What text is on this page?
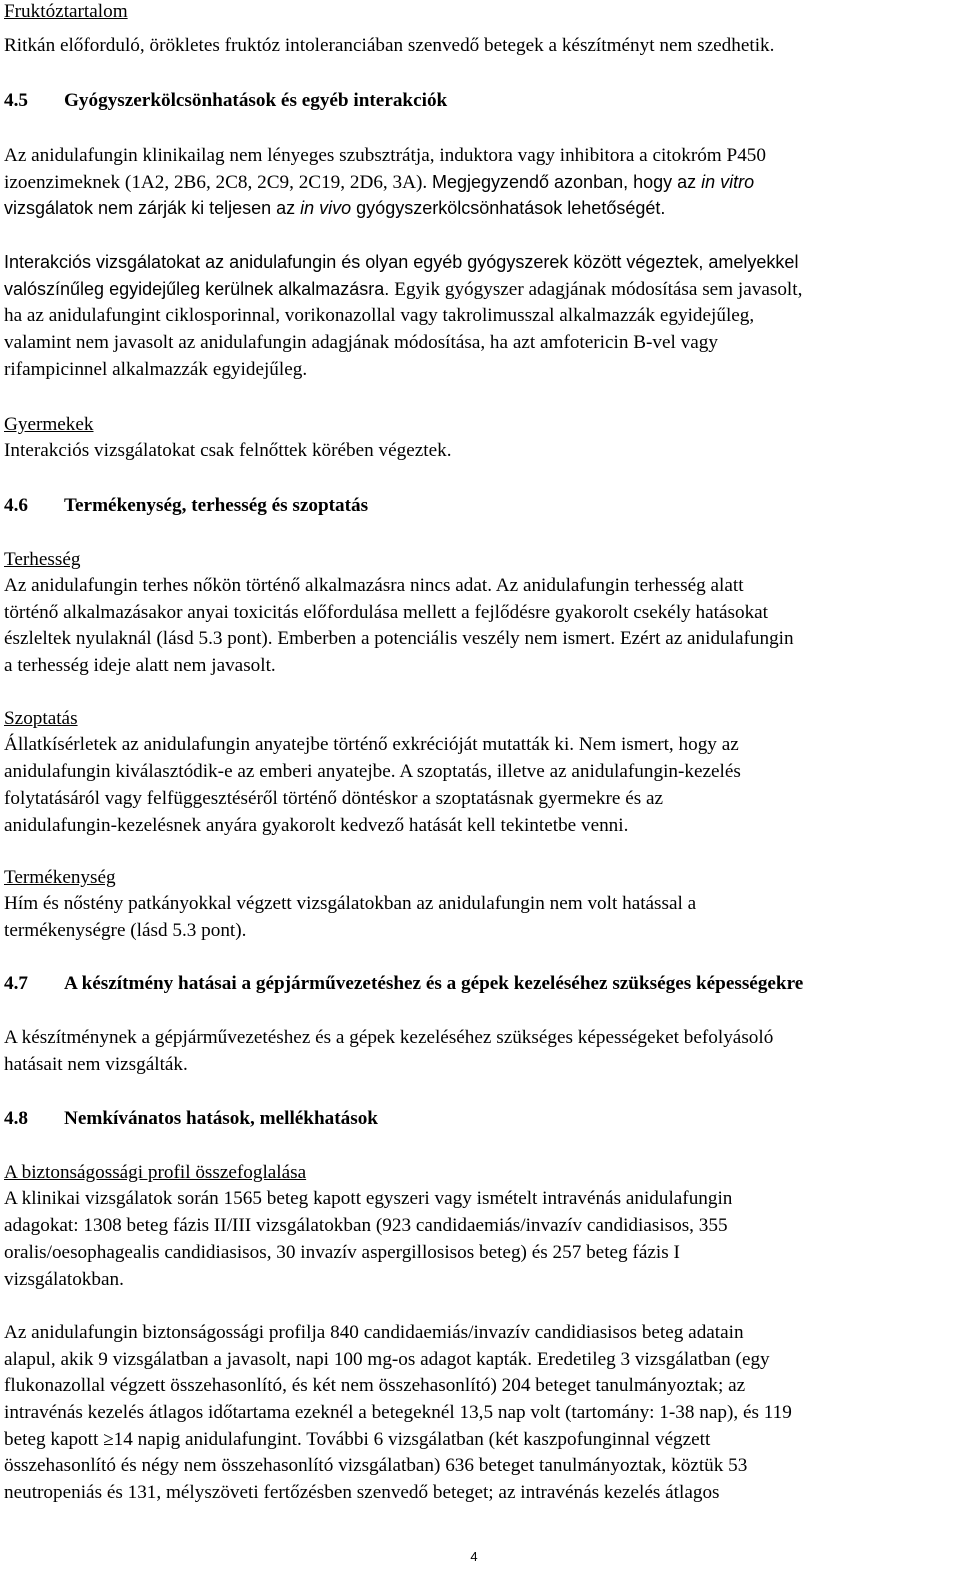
Fruktóztartalom

Ritkán előforduló, örökletes fruktóz intoleranciában szenvedő betegek a készítményt nem szedhetik.

4.5 Gyógyszerkölcsönhatások és egyéb interakciók

Az anidulafungin klinikailag nem lényeges szubsztrátja, induktora vagy inhibitora a citokróm P450

izoenzimeknek (1A2, 2B6, 2C8, 2C9, 2C19, 2D6, 3A). Megjegyzendő azonban, hogy az in vitro

vizsgálatok nem zárják ki teljesen az in vivo gyógyszerkölcsönhatások lehetőségét.

Interakciós vizsgálatokat az anidulafungin és olyan egyéb gyógyszerek között végeztek, amelyekkel

valószínűleg egyidejűleg kerülnek alkalmazásra. Egyik gyógyszer adagjának módosítása sem javasolt,

ha az anidulafungint ciklosporinnal, vorikonazollal vagy takrolimusszal alkalmazzák egyidejűleg,

valamint nem javasolt az anidulafungin adagjának módosítása, ha azt amfotericin B-vel vagy

rifampicinnel alkalmazzák egyidejűleg.

Gyermekek

Interakciós vizsgálatokat csak felnőttek körében végeztek.

4.6 Termékenység, terhesség és szoptatás

Terhesség

Az anidulafungin terhes nőkön történő alkalmazásra nincs adat. Az anidulafungin terhesség alatt

történő alkalmazásakor anyai toxicitás előfordulása mellett a fejlődésre gyakorolt csekély hatásokat

észleltek nyulaknál (lásd 5.3 pont). Emberben a potenciális veszély nem ismert. Ezért az anidulafungin

a terhesség ideje alatt nem javasolt.

Szoptatás

Állatkísérletek az anidulafungin anyatejbe történő exkrécióját mutatták ki. Nem ismert, hogy az

anidulafungin kiválasztódik-e az emberi anyatejbe. A szoptatás, illetve az anidulafungin-kezelés

folytatásáról vagy felfüggesztéséről történő döntéskor a szoptatásnak gyermekre és az

anidulafungin-kezelésnek anyára gyakorolt kedvező hatását kell tekintetbe venni.

Termékenység

Hím és nőstény patkányokkal végzett vizsgálatokban az anidulafungin nem volt hatással a

termékenységre (lásd 5.3 pont).

4.7 A készítmény hatásai a gépjárművezetéshez és a gépek kezeléséhez szükséges képességekre

A készítménynek a gépjárművezetéshez és a gépek kezeléséhez szükséges képességeket befolyásoló

hatásait nem vizsgálták.

4.8 Nemkívánatos hatások, mellékhatások

A biztonságossági profil összefoglalása

A klinikai vizsgálatok során 1565 beteg kapott egyszeri vagy ismételt intravénás anidulafungin

adagokat: 1308 beteg fázis II/III vizsgálatokban (923 candidaemiás/invazív candidiasisos, 355

oralis/oesophagealis candidiasisos, 30 invazív aspergillosisos beteg) és 257 beteg fázis I

vizsgálatokban.

Az anidulafungin biztonságossági profilja 840 candidaemiás/invazív candidiasisos beteg adatain

alapul, akik 9 vizsgálatban a javasolt, napi 100 mg-os adagot kapták. Eredetileg 3 vizsgálatban (egy

flukonazollal végzett összehasonlító, és két nem összehasonlító) 204 beteget tanulmányoztak; az

intravénás kezelés átlagos időtartama ezeknél a betegeknél 13,5 nap volt (tartomány: 1-38 nap), és 119

beteg kapott ≥14 napig anidulafungint. További 6 vizsgálatban (két kaszpofunginnal végzett

összehasonlító és négy nem összehasonlító vizsgálatban) 636 beteget tanulmányoztak, köztük 53

neutropeniás és 131, mélyszöveti fertőzésben szenvedő beteget; az intravénás kezelés átlagos

4
